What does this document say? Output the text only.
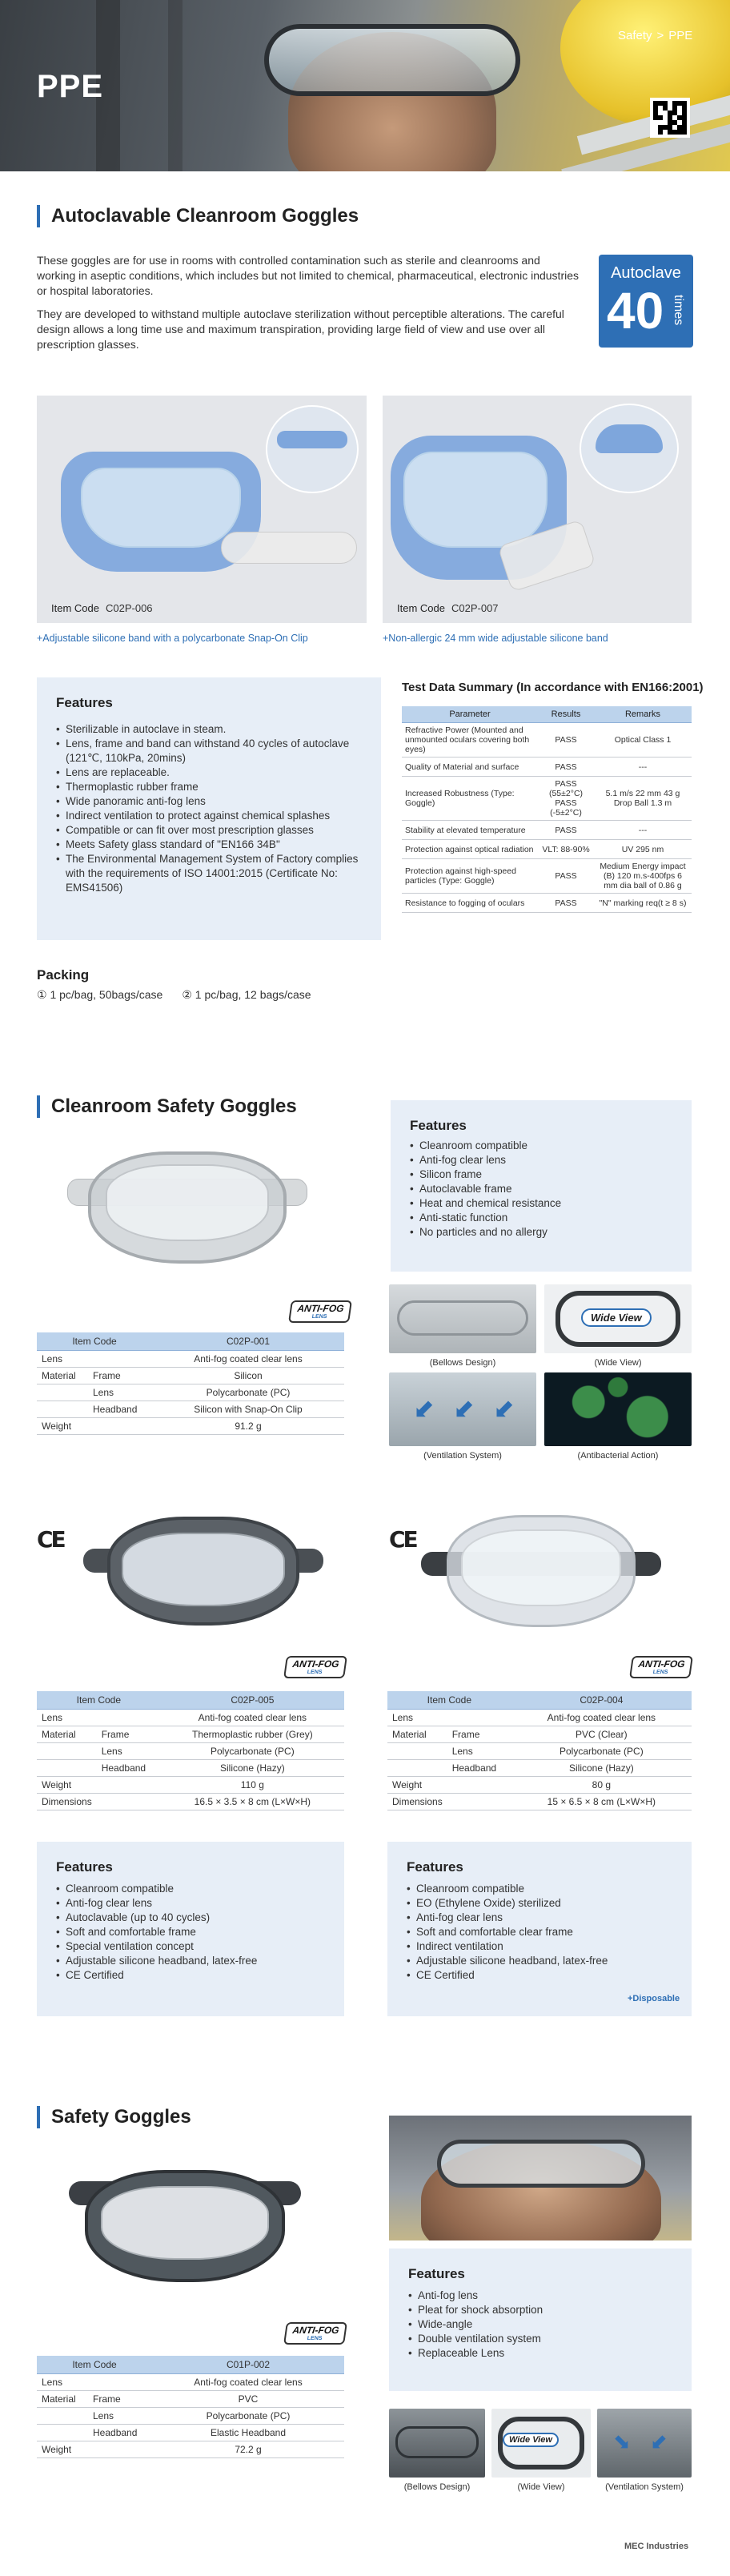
PPE
Safety > PPE
Autoclavable Cleanroom Goggles

These goggles are for use in rooms with controlled contamination such as sterile and cleanrooms and working in aseptic conditions, which includes but not limited to chemical, pharmaceutical, electronic industries or hospital laboratories.

They are developed to withstand multiple autoclave sterilization without perceptible alterations. The careful design allows a long time use and maximum transpiration, providing large field of view and use over all prescription glasses.

Autoclave
40 times
Item Code C02P-006
+Adjustable silicone band with a polycarbonate Snap-On Clip
Item Code C02P-007
+Non-allergic 24 mm wide adjustable silicone band
Features
• Sterilizable in autoclave in steam.
• Lens, frame and band can withstand 40 cycles of autoclave (121℃, 110kPa, 20mins)
• Lens are replaceable.
• Thermoplastic rubber frame
• Wide panoramic anti-fog lens
• Indirect ventilation to protect against chemical splashes
• Compatible or can fit over most prescription glasses
• Meets Safety glass standard of "EN166 34B"
• The Environmental Management System of Factory complies with the requirements of ISO 14001:2015 (Certificate No: EMS41506)
Test Data Summary (In accordance with EN166:2001)
Parameter	Results	Remarks
Refractive Power (Mounted and unmounted oculars covering both eyes)	PASS	Optical Class 1
Quality of Material and surface	PASS	---
Increased Robustness (Type: Goggle)	PASS (55±2°C) PASS (-5±2°C)	5.1 m/s 22 mm 43 g Drop Ball 1.3 m
Stability at elevated temperature	PASS	---
Protection against optical radiation	VLT: 88-90%	UV 295 nm
Protection against high-speed particles (Type: Goggle)	PASS	Medium Energy impact (B) 120 m.s-400fps 6 mm dia ball of 0.86 g
Resistance to fogging of oculars	PASS	"N" marking req(t ≥ 8 s)
Packing
① 1 pc/bag, 50bags/case ② 1 pc/bag, 12 bags/case
Cleanroom Safety Goggles
ANTI-FOG
LENS
Item Code		C02P-001
Lens		Anti-fog coated clear lens
Material	Frame	Silicon
	Lens	Polycarbonate (PC)
	Headband	Silicon with Snap-On Clip
Weight		91.2 g
Features
• Cleanroom compatible
• Anti-fog clear lens
• Silicon frame
• Autoclavable frame
• Heat and chemical resistance
• Anti-static function
• No particles and no allergy
Wide View
(Bellows Design)	(Wide View)
⬋ ⬋ ⬋
(Ventilation System)	(Antibacterial Action)
CE
ANTI-FOG
LENS
Item Code		C02P-005
Lens		Anti-fog coated clear lens
Material	Frame	Thermoplastic rubber (Grey)
	Lens	Polycarbonate (PC)
	Headband	Silicone (Hazy)
Weight		110 g
Dimensions		16.5 × 3.5 × 8 cm (L×W×H)
Features
• Cleanroom compatible
• Anti-fog clear lens
• Autoclavable (up to 40 cycles)
• Soft and comfortable frame
• Special ventilation concept
• Adjustable silicone headband, latex-free
• CE Certified
CE
ANTI-FOG
LENS
Item Code		C02P-004
Lens		Anti-fog coated clear lens
Material	Frame	PVC (Clear)
	Lens	Polycarbonate (PC)
	Headband	Silicone (Hazy)
Weight		80 g
Dimensions		15 × 6.5 × 8 cm (L×W×H)
Features
• Cleanroom compatible
• EO (Ethylene Oxide) sterilized
• Anti-fog clear lens
• Soft and comfortable clear frame
• Indirect ventilation
• Adjustable silicone headband, latex-free
• CE Certified
+Disposable
Safety Goggles
ANTI-FOG
LENS
Item Code		C01P-002
Lens		Anti-fog coated clear lens
Material	Frame	PVC
	Lens	Polycarbonate (PC)
	Headband	Elastic Headband
Weight		72.2 g
Features
• Anti-fog lens
• Pleat for shock absorption
• Wide-angle
• Double ventilation system
• Replaceable Lens
Wide View	⬊ ⬋
(Bellows Design)	(Wide View)	(Ventilation System)
MEC Industries
